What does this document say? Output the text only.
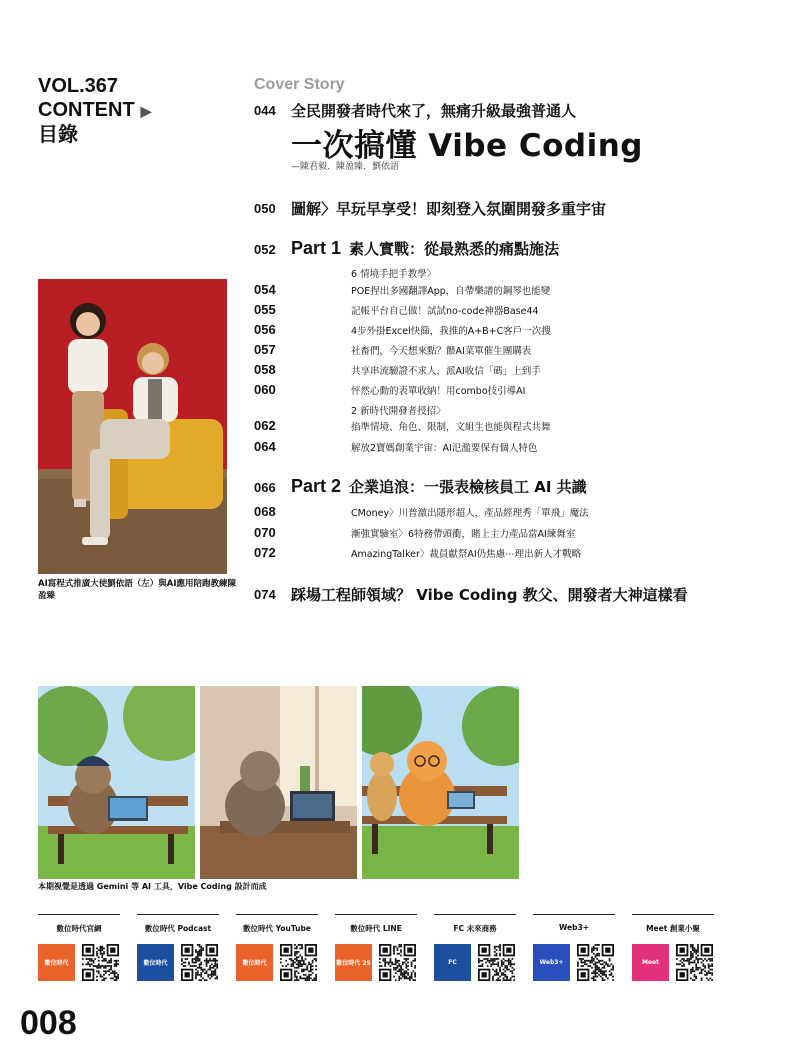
VOL.367
CONTENT ▶
目錄
Cover Story
044	全民開發者時代來了，無痛升級最強普通人
一次搞懂 Vibe Coding
—陳君毅．陳盈臻．劉依語
050	圖解〉早玩早享受！即刻登入氛圍開發多重宇宙
052 Part 1 素人實戰：從最熟悉的痛點施法
6 情境手把手教學〉
054	POE捏出多國翻譯App，自帶樂譜的鋼琴也能變
055	記帳平台自己做！試試no-code神器Base44
056	4步外掛Excel快篩，我推的A+B+C客戶一次搜
057	社畜們，今天想來點？餵AI菜單催生團購表
058	共享串流驗證不求人，派AI收信「碼」上到手
060	怦然心動的表單收納！用combo技引導AI
2 新時代開發者授招〉
062	掐準情境、角色、限制，文組生也能與程式共舞
064	解放2寶媽創業宇宙：AI氾濫要保有個人特色
066 Part 2 企業追浪：一張表檢核員工 AI 共識
068	CMoney〉川普激出隱形超人，產品經理秀「單飛」魔法
070	漸強實驗室〉6特務帶頭衝，賭上主力產品當AI練舞室
072	AmazingTalker〉裁員獻祭AI仍焦慮⋯理出新人才戰略
074	踩場工程師領域？ Vibe Coding 教父、開發者大神這樣看
AI寫程式推廣大使劉依語（左）與AI應用陪跑教練陳盈臻
本期視覺是透過 Gemini 等 AI 工具，Vibe Coding 設計而成
數位時代官網
數位時代
數位時代 Podcast
數位時代
數位時代 YouTube
數位時代
數位時代 LINE
數位時代 25
FC 未來商務
FC
Web3+
Web3+
Meet 創業小聚
Meet
008
